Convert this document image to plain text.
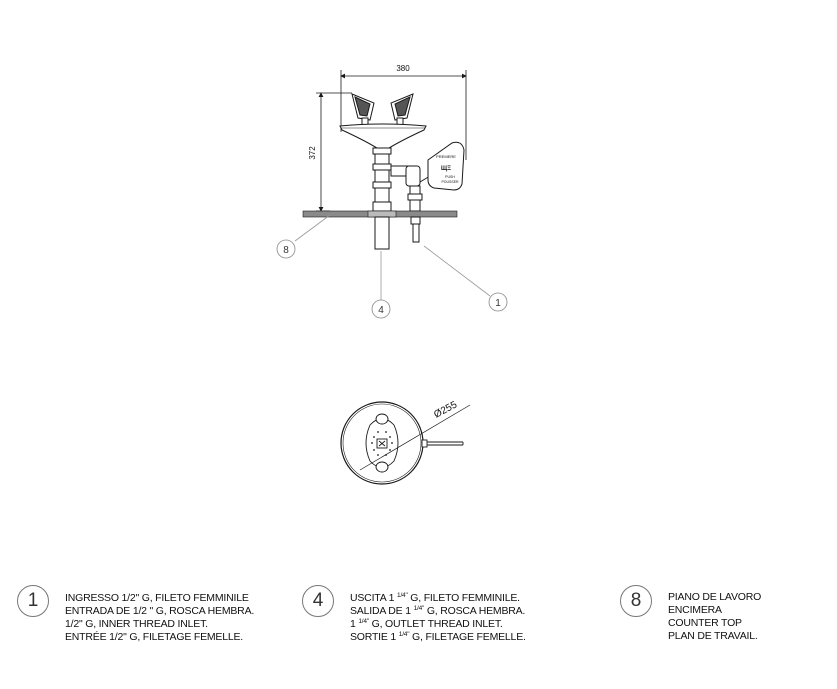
380
372	PREMERE
ЩΞ
PUSH
POUSSER
8
4
1
Ø255
1	INGRESSO 1/2" G, FILETO FEMMINILE
ENTRADA DE 1/2 " G, ROSCA HEMBRA.
1/2" G, INNER THREAD INLET.
ENTRÉE 1/2" G, FILETAGE FEMELLE.
4	USCITA 1 $^{1/4"}$ G, FILETO FEMMINILE.
SALIDA DE 1 $^{1/4"}$ G, ROSCA HEMBRA.
1 $^{1/4"}$ G, OUTLET THREAD INLET.
SORTIE 1 $^{1/4"}$ G, FILETAGE FEMELLE.
8	PIANO DE LAVORO
ENCIMERA
COUNTER TOP
PLAN DE TRAVAIL.
